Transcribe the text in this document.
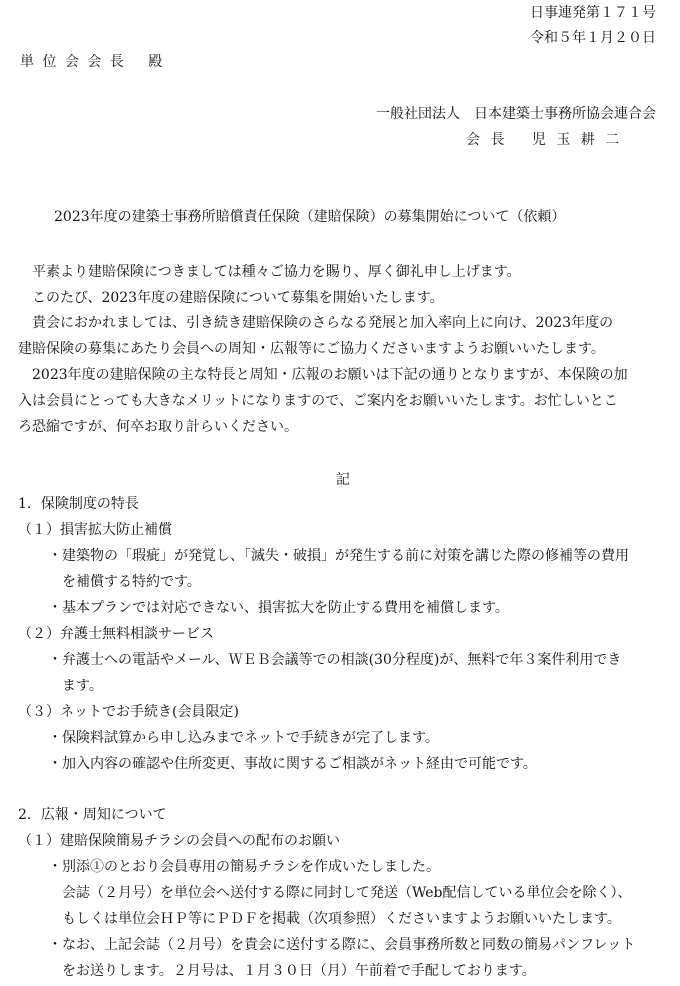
日事連発第１７１号
令和５年１月２０日
単 位 会 会 長　 殿
一般社団法人　日本建築士事務所協会連合会
会 長　 児 玉 耕 二
2023年度の建築士事務所賠償責任保険（建賠保険）の募集開始について（依頼）
平素より建賠保険につきましては種々ご協力を賜り、厚く御礼申し上げます。
このたび、2023年度の建賠保険について募集を開始いたします。
貴会におかれましては、引き続き建賠保険のさらなる発展と加入率向上に向け、2023年度の
建賠保険の募集にあたり会員への周知・広報等にご協力くださいますようお願いいたします。
2023年度の建賠保険の主な特長と周知・広報のお願いは下記の通りとなりますが、本保険の加
入は会員にとっても大きなメリットになりますので、ご案内をお願いいたします。お忙しいとこ
ろ恐縮ですが、何卒お取り計らいください。
記
1．保険制度の特長
（１）損害拡大防止補償
・建築物の「瑕疵」が発覚し、「滅失・破損」が発生する前に対策を講じた際の修補等の費用
を補償する特約です。
・基本プランでは対応できない、損害拡大を防止する費用を補償します。
（２）弁護士無料相談サービス
・弁護士への電話やメール、ＷＥＢ会議等での相談(30分程度)が、無料で年３案件利用でき
ます。
（３）ネットでお手続き(会員限定)
・保険料試算から申し込みまでネットで手続きが完了します。
・加入内容の確認や住所変更、事故に関するご相談がネット経由で可能です。
2．広報・周知について
（１）建賠保険簡易チラシの会員への配布のお願い
・別添①のとおり会員専用の簡易チラシを作成いたしました。
会誌（２月号）を単位会へ送付する際に同封して発送（Web配信している単位会を除く）、
もしくは単位会ＨＰ等にＰＤＦを掲載（次項参照）くださいますようお願いいたします。
・なお、上記会誌（２月号）を貴会に送付する際に、会員事務所数と同数の簡易パンフレット
をお送りします。２月号は、１月３０日（月）午前着で手配しております。
